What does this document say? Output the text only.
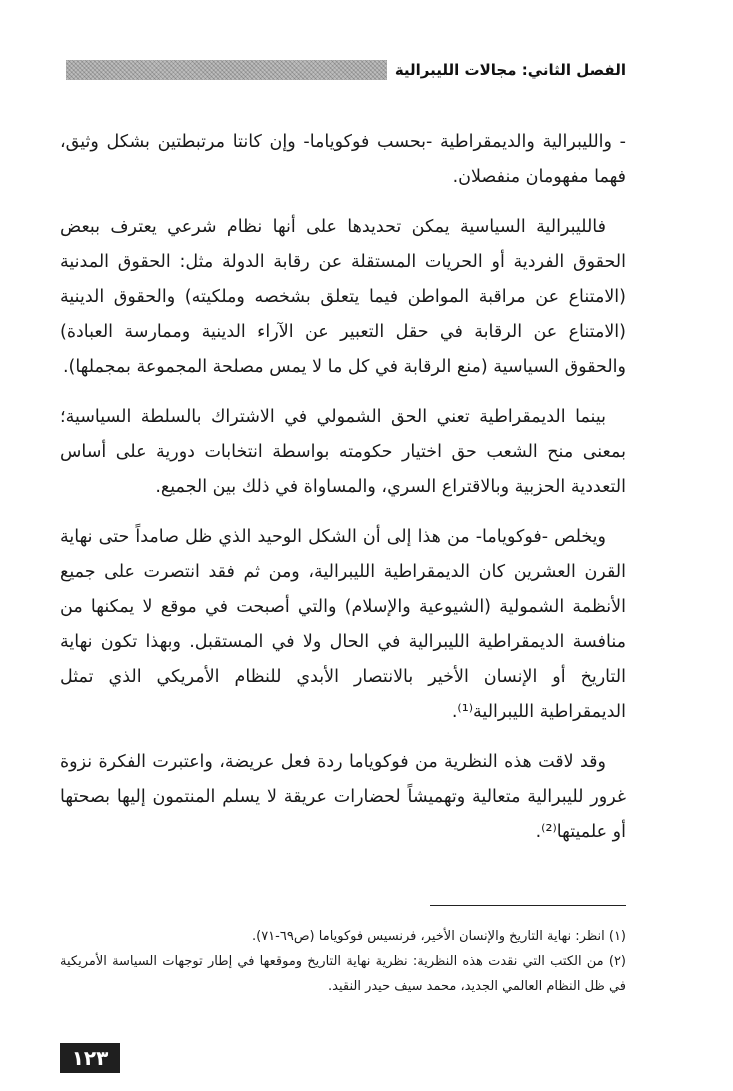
الفصل الثاني: مجالات الليبرالية

- والليبرالية والديمقراطية -بحسب فوكوياما- وإن كانتا مرتبطتين بشكل وثيق، فهما مفهومان منفصلان.

فالليبرالية السياسية يمكن تحديدها على أنها نظام شرعي يعترف ببعض الحقوق الفردية أو الحريات المستقلة عن رقابة الدولة مثل: الحقوق المدنية (الامتناع عن مراقبة المواطن فيما يتعلق بشخصه وملكيته) والحقوق الدينية (الامتناع عن الرقابة في حقل التعبير عن الآراء الدينية وممارسة العبادة) والحقوق السياسية (منع الرقابة في كل ما لا يمس مصلحة المجموعة بمجملها).

بينما الديمقراطية تعني الحق الشمولي في الاشتراك بالسلطة السياسية؛ بمعنى منح الشعب حق اختيار حكومته بواسطة انتخابات دورية على أساس التعددية الحزبية وبالاقتراع السري، والمساواة في ذلك بين الجميع.

ويخلص -فوكوياما- من هذا إلى أن الشكل الوحيد الذي ظل صامداً حتى نهاية القرن العشرين كان الديمقراطية الليبرالية، ومن ثم فقد انتصرت على جميع الأنظمة الشمولية (الشيوعية والإسلام) والتي أصبحت في موقع لا يمكنها من منافسة الديمقراطية الليبرالية في الحال ولا في المستقبل. وبهذا تكون نهاية التاريخ أو الإنسان الأخير بالانتصار الأبدي للنظام الأمريكي الذي تمثل الديمقراطية الليبرالية⁽¹⁾.

وقد لاقت هذه النظرية من فوكوياما ردة فعل عريضة، واعتبرت الفكرة نزوة غرور لليبرالية متعالية وتهميشاً لحضارات عريقة لا يسلم المنتمون إليها بصحتها أو علميتها⁽²⁾.

(١) انظر: نهاية التاريخ والإنسان الأخير، فرنسيس فوكوياما (ص٦٩-٧١).

(٢) من الكتب التي نقدت هذه النظرية: نظرية نهاية التاريخ وموقعها في إطار توجهات السياسة الأمريكية في ظل النظام العالمي الجديد، محمد سيف حيدر النقيد.

١٢٣
